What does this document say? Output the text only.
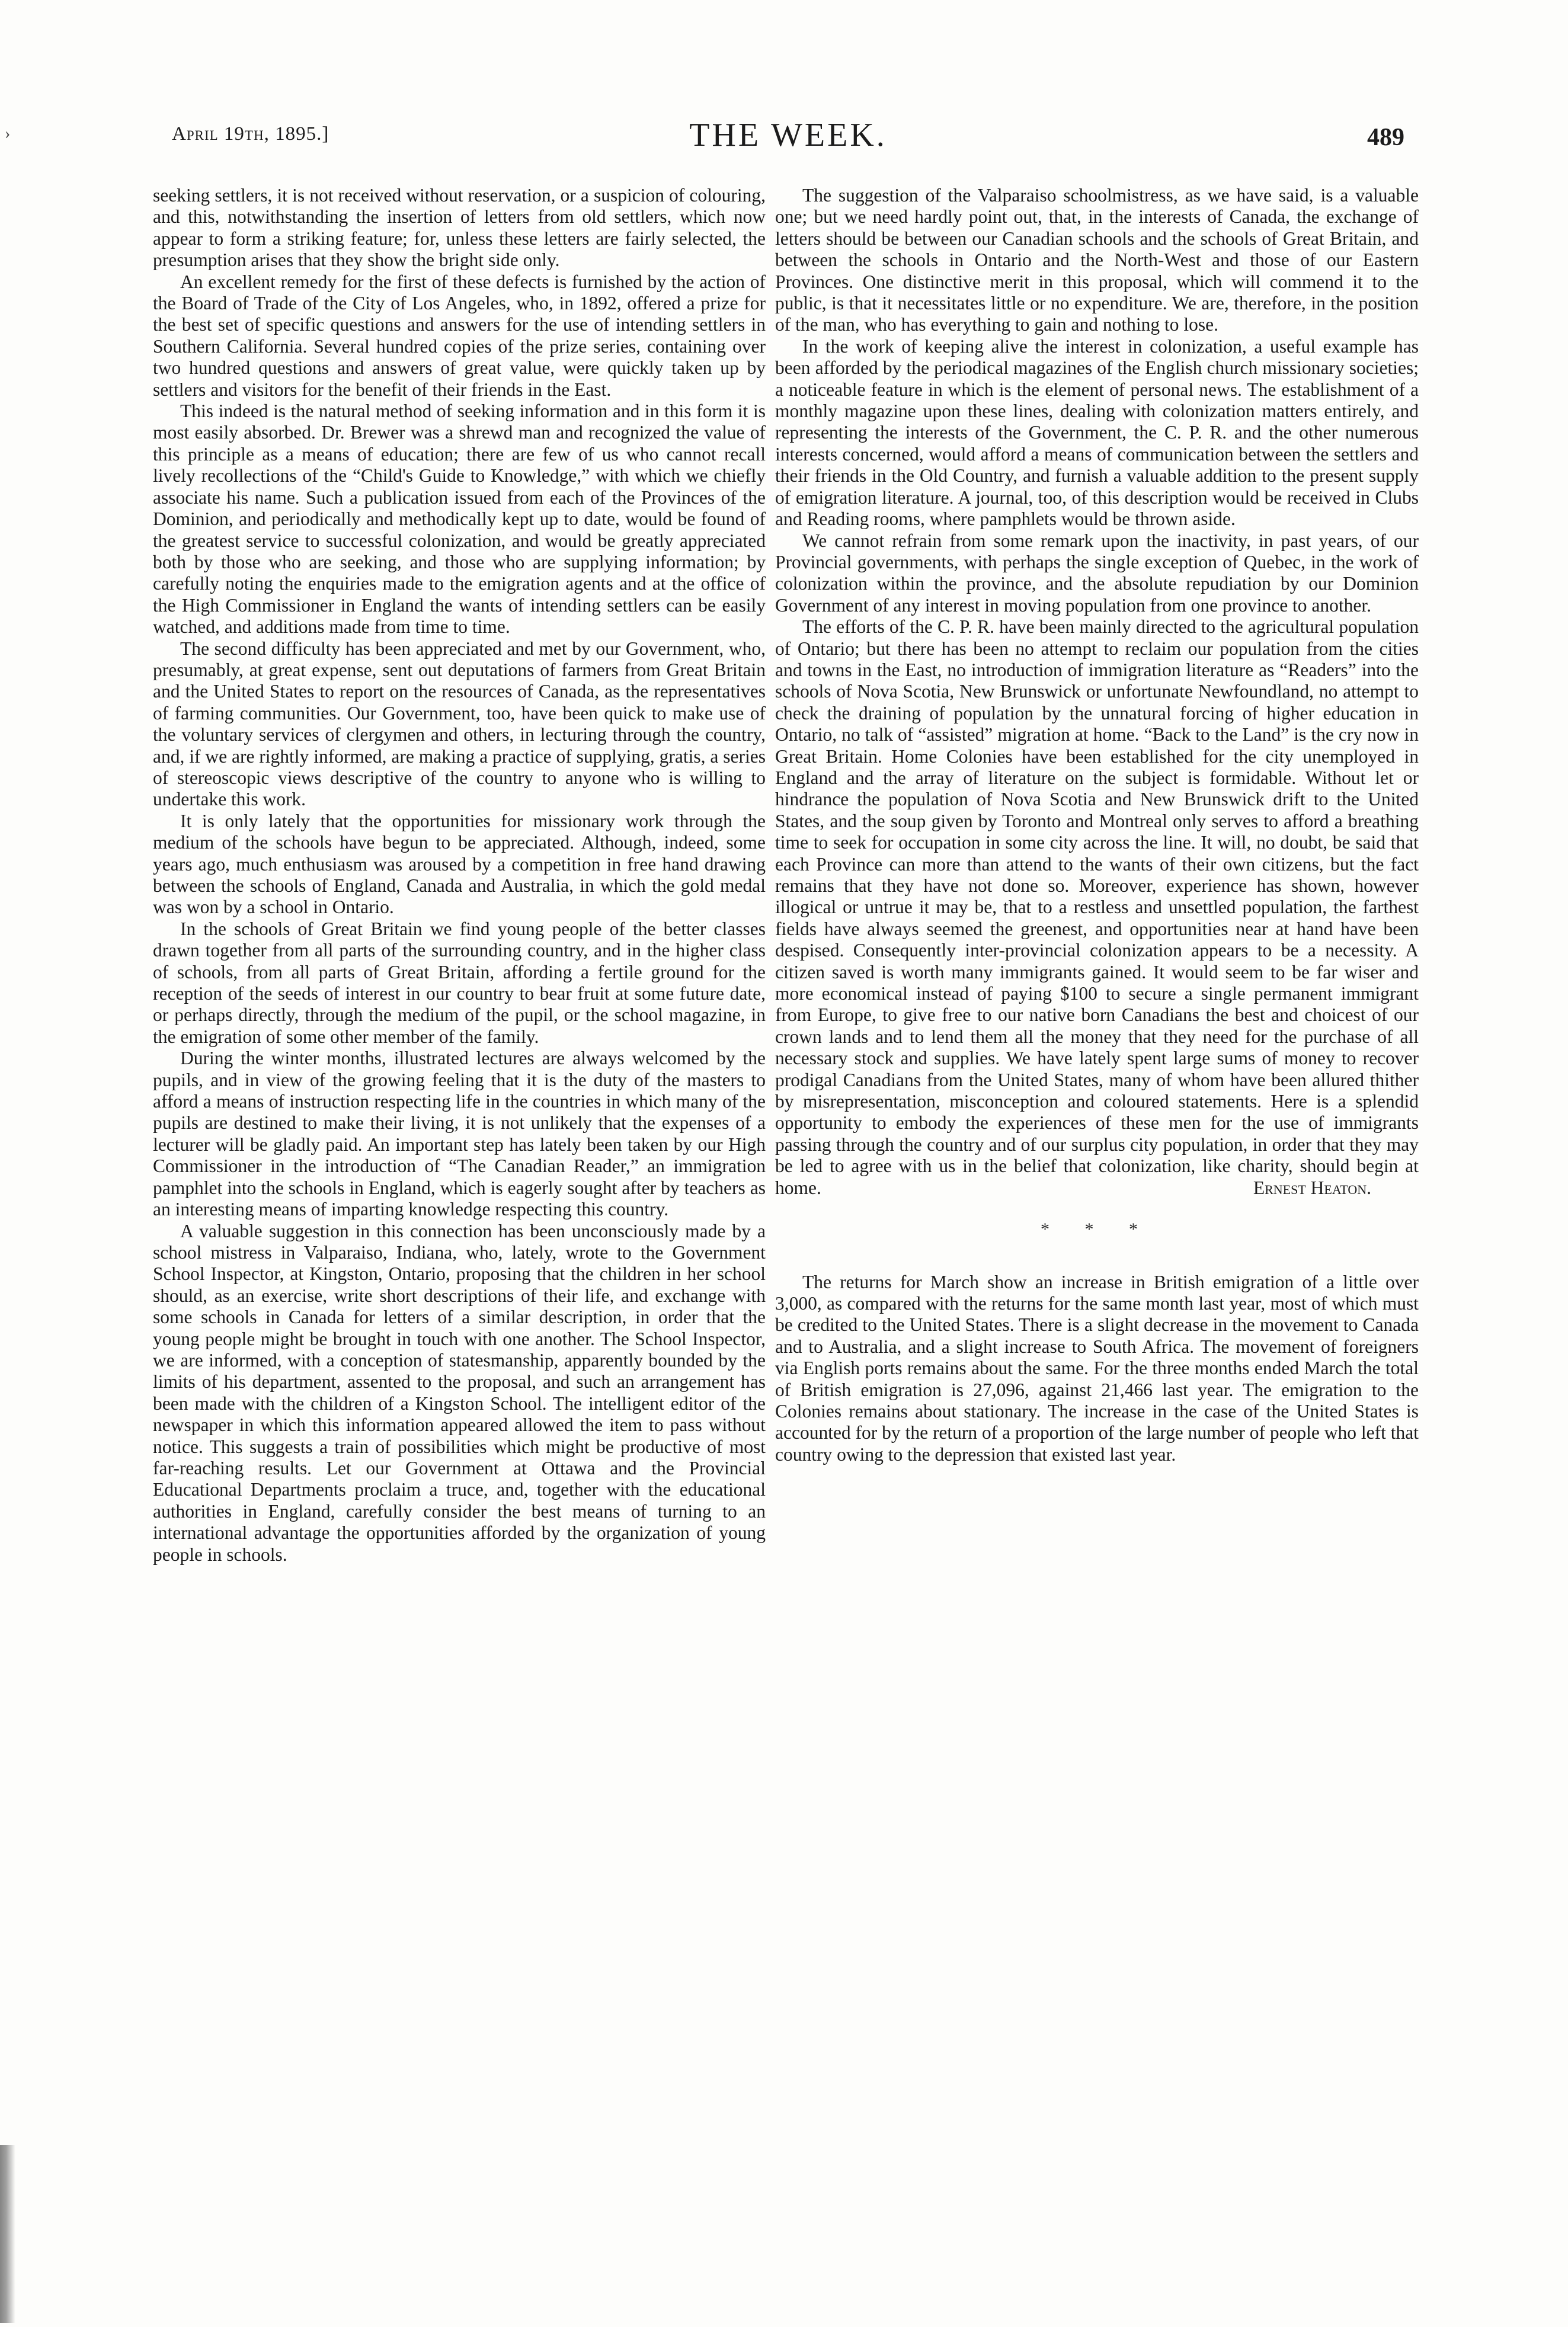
›	April 19th, 1895.]	THE WEEK.	489

seeking settlers, it is not received without reservation, or a suspicion of colouring, and this, notwithstanding the insertion of letters from old settlers, which now appear to form a striking feature; for, unless these letters are fairly selected, the presumption arises that they show the bright side only.

An excellent remedy for the first of these defects is furnished by the action of the Board of Trade of the City of Los Angeles, who, in 1892, offered a prize for the best set of specific questions and answers for the use of intending settlers in Southern California. Several hundred copies of the prize series, containing over two hundred questions and answers of great value, were quickly taken up by settlers and visitors for the benefit of their friends in the East.

This indeed is the natural method of seeking information and in this form it is most easily absorbed. Dr. Brewer was a shrewd man and recognized the value of this principle as a means of education; there are few of us who cannot recall lively recollections of the “Child's Guide to Knowledge,” with which we chiefly associate his name. Such a publication issued from each of the Provinces of the Dominion, and periodically and methodically kept up to date, would be found of the greatest service to successful colonization, and would be greatly appreciated both by those who are seeking, and those who are supplying information; by carefully noting the enquiries made to the emigration agents and at the office of the High Commissioner in England the wants of intending settlers can be easily watched, and additions made from time to time.

The second difficulty has been appreciated and met by our Government, who, presumably, at great expense, sent out deputations of farmers from Great Britain and the United States to report on the resources of Canada, as the representatives of farming communities. Our Government, too, have been quick to make use of the voluntary services of clergymen and others, in lecturing through the country, and, if we are rightly informed, are making a practice of supplying, gratis, a series of stereoscopic views descriptive of the country to anyone who is willing to undertake this work.

It is only lately that the opportunities for missionary work through the medium of the schools have begun to be appreciated. Although, indeed, some years ago, much enthusiasm was aroused by a competition in free hand drawing between the schools of England, Canada and Australia, in which the gold medal was won by a school in Ontario.

In the schools of Great Britain we find young people of the better classes drawn together from all parts of the surrounding country, and in the higher class of schools, from all parts of Great Britain, affording a fertile ground for the reception of the seeds of interest in our country to bear fruit at some future date, or perhaps directly, through the medium of the pupil, or the school magazine, in the emigration of some other member of the family.

During the winter months, illustrated lectures are always welcomed by the pupils, and in view of the growing feeling that it is the duty of the masters to afford a means of instruction respecting life in the countries in which many of the pupils are destined to make their living, it is not unlikely that the expenses of a lecturer will be gladly paid. An important step has lately been taken by our High Commissioner in the introduction of “The Canadian Reader,” an immigration pamphlet into the schools in England, which is eagerly sought after by teachers as an interesting means of imparting knowledge respecting this country.

A valuable suggestion in this connection has been unconsciously made by a school mistress in Valparaiso, Indiana, who, lately, wrote to the Government School Inspector, at Kingston, Ontario, proposing that the children in her school should, as an exercise, write short descriptions of their life, and exchange with some schools in Canada for letters of a similar description, in order that the young people might be brought in touch with one another. The School Inspector, we are informed, with a conception of statesmanship, apparently bounded by the limits of his department, assented to the proposal, and such an arrangement has been made with the children of a Kingston School. The intelligent editor of the newspaper in which this information appeared allowed the item to pass without notice. This suggests a train of possibilities which might be productive of most far-reaching results. Let our Government at Ottawa and the Provincial Educational Departments proclaim a truce, and, together with the educational authorities in England, carefully consider the best means of turning to an international advantage the opportunities afforded by the organization of young people in schools.

The suggestion of the Valparaiso schoolmistress, as we have said, is a valuable one; but we need hardly point out, that, in the interests of Canada, the exchange of letters should be between our Canadian schools and the schools of Great Britain, and between the schools in Ontario and the North-West and those of our Eastern Provinces. One distinctive merit in this proposal, which will commend it to the public, is that it necessitates little or no expenditure. We are, therefore, in the position of the man, who has everything to gain and nothing to lose.

In the work of keeping alive the interest in colonization, a useful example has been afforded by the periodical magazines of the English church missionary societies; a noticeable feature in which is the element of personal news. The establishment of a monthly magazine upon these lines, dealing with colonization matters entirely, and representing the interests of the Government, the C. P. R. and the other numerous interests concerned, would afford a means of communication between the settlers and their friends in the Old Country, and furnish a valuable addition to the present supply of emigration literature. A journal, too, of this description would be received in Clubs and Reading rooms, where pamphlets would be thrown aside.

We cannot refrain from some remark upon the inactivity, in past years, of our Provincial governments, with perhaps the single exception of Quebec, in the work of colonization within the province, and the absolute repudiation by our Dominion Government of any interest in moving population from one province to another.

The efforts of the C. P. R. have been mainly directed to the agricultural population of Ontario; but there has been no attempt to reclaim our population from the cities and towns in the East, no introduction of immigration literature as “Readers” into the schools of Nova Scotia, New Brunswick or unfortunate Newfoundland, no attempt to check the draining of population by the unnatural forcing of higher education in Ontario, no talk of “assisted” migration at home. “Back to the Land” is the cry now in Great Britain. Home Colonies have been established for the city unemployed in England and the array of literature on the subject is formidable. Without let or hindrance the population of Nova Scotia and New Brunswick drift to the United States, and the soup given by Toronto and Montreal only serves to afford a breathing time to seek for occupation in some city across the line. It will, no doubt, be said that each Province can more than attend to the wants of their own citizens, but the fact remains that they have not done so. Moreover, experience has shown, however illogical or untrue it may be, that to a restless and unsettled population, the farthest fields have always seemed the greenest, and opportunities near at hand have been despised. Consequently inter-provincial colonization appears to be a necessity. A citizen saved is worth many immigrants gained. It would seem to be far wiser and more economical instead of paying $100 to secure a single permanent immigrant from Europe, to give free to our native born Canadians the best and choicest of our crown lands and to lend them all the money that they need for the purchase of all necessary stock and supplies. We have lately spent large sums of money to recover prodigal Canadians from the United States, many of whom have been allured thither by misrepresentation, misconception and coloured statements. Here is a splendid opportunity to embody the experiences of these men for the use of immigrants passing through the country and of our surplus city population, in order that they may be led to agree with us in the belief that colonization, like charity, should begin at home.	Ernest Heaton.

* * *

The returns for March show an increase in British emigration of a little over 3,000, as compared with the returns for the same month last year, most of which must be credited to the United States. There is a slight decrease in the movement to Canada and to Australia, and a slight increase to South Africa. The movement of foreigners via English ports remains about the same. For the three months ended March the total of British emigration is 27,096, against 21,466 last year. The emigration to the Colonies remains about stationary. The increase in the case of the United States is accounted for by the return of a proportion of the large number of people who left that country owing to the depression that existed last year.
